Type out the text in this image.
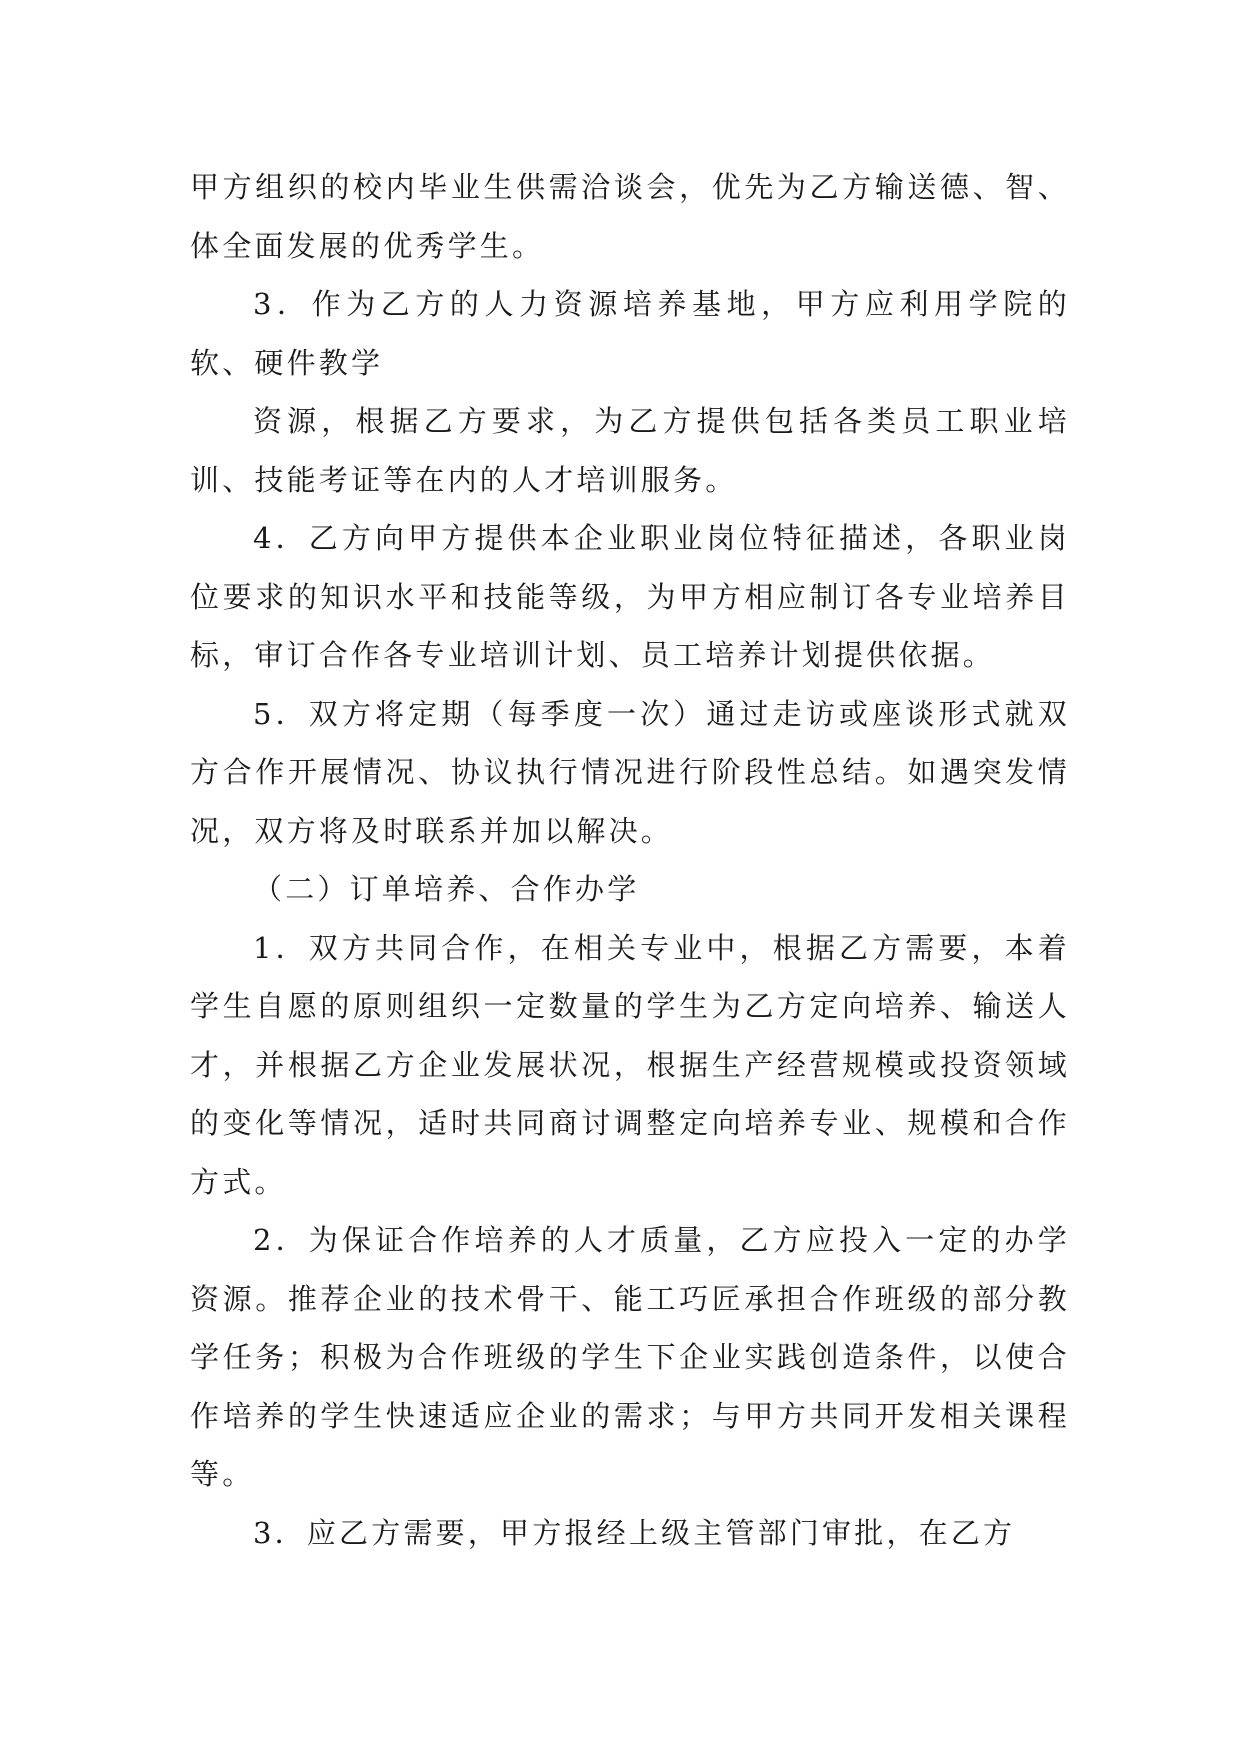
甲方组织的校内毕业生供需洽谈会，优先为乙方输送德、智、体全面发展的优秀学生。

3．作为乙方的人力资源培养基地，甲方应利用学院的软、硬件教学

资源，根据乙方要求，为乙方提供包括各类员工职业培训、技能考证等在内的人才培训服务。

4．乙方向甲方提供本企业职业岗位特征描述，各职业岗位要求的知识水平和技能等级，为甲方相应制订各专业培养目标，审订合作各专业培训计划、员工培养计划提供依据。

5．双方将定期（每季度一次）通过走访或座谈形式就双方合作开展情况、协议执行情况进行阶段性总结。如遇突发情况，双方将及时联系并加以解决。

（二）订单培养、合作办学

1．双方共同合作，在相关专业中，根据乙方需要，本着学生自愿的原则组织一定数量的学生为乙方定向培养、输送人才，并根据乙方企业发展状况，根据生产经营规模或投资领域的变化等情况，适时共同商讨调整定向培养专业、规模和合作方式。

2．为保证合作培养的人才质量，乙方应投入一定的办学资源。推荐企业的技术骨干、能工巧匠承担合作班级的部分教学任务；积极为合作班级的学生下企业实践创造条件，以使合作培养的学生快速适应企业的需求；与甲方共同开发相关课程等。

3．应乙方需要，甲方报经上级主管部门审批，在乙方
